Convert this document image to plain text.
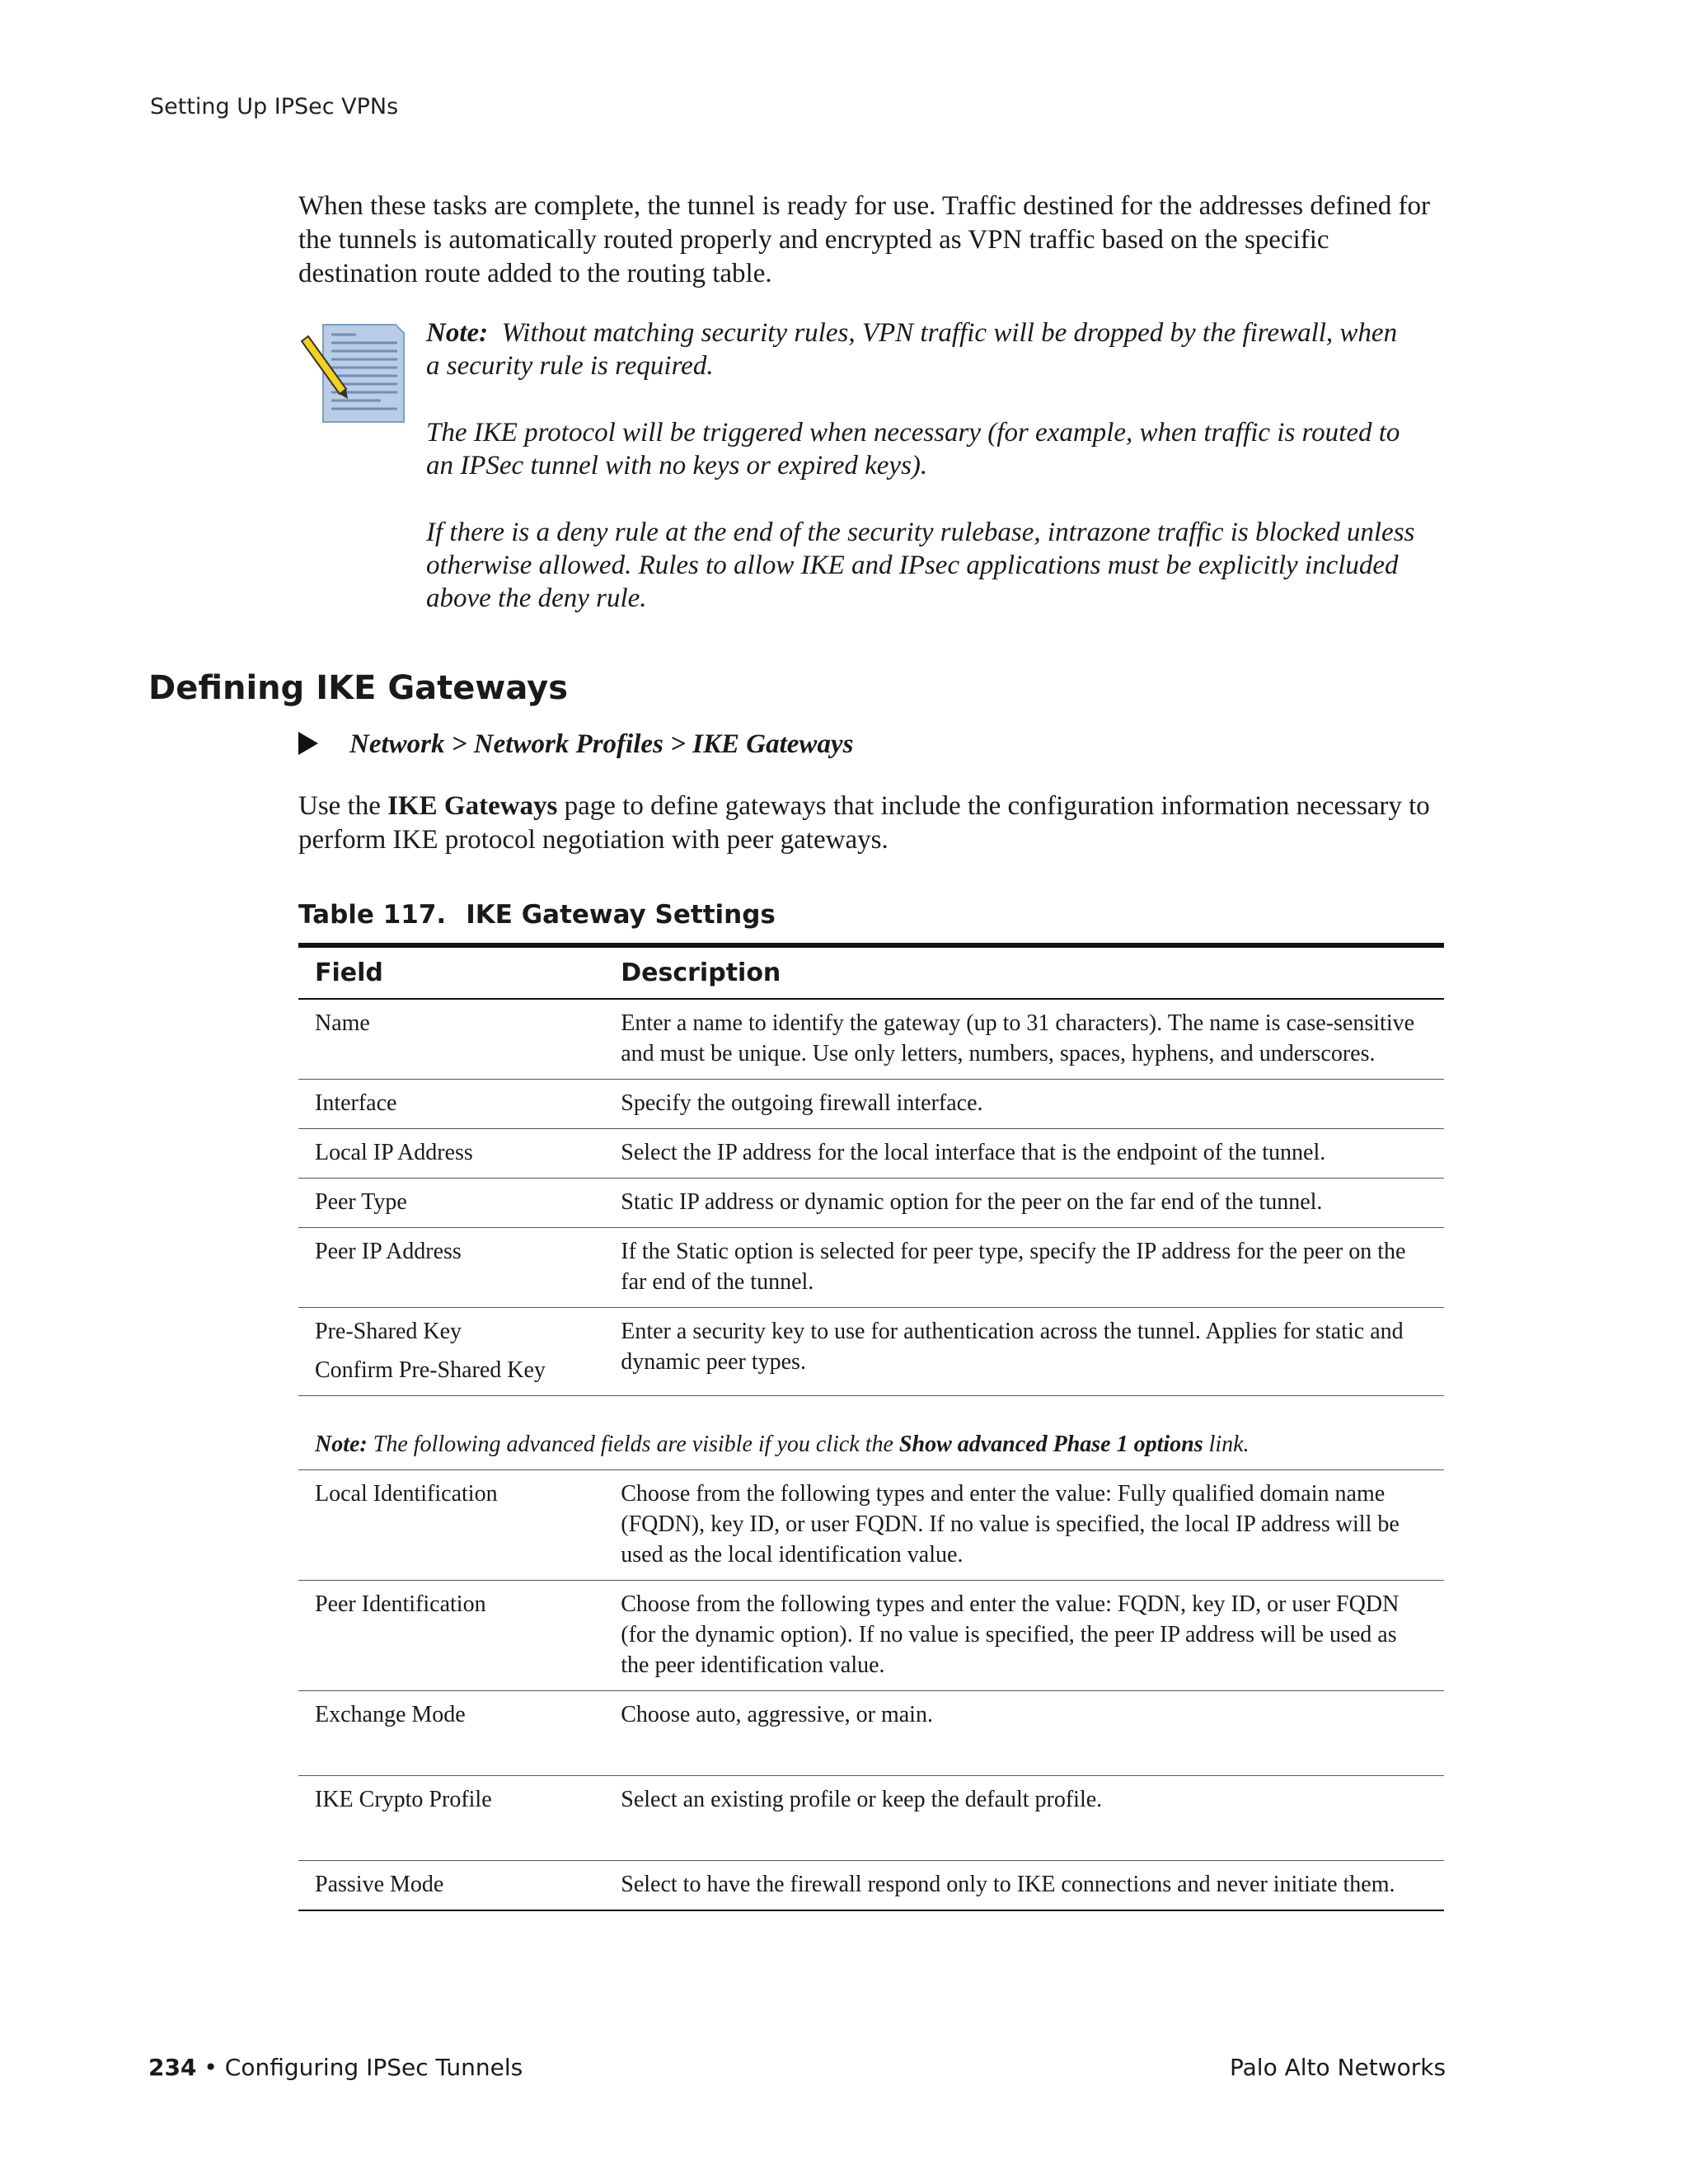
Setting Up IPSec VPNs
When these tasks are complete, the tunnel is ready for use. Traffic destined for the addresses defined for the tunnels is automatically routed properly and encrypted as VPN traffic based on the specific destination route added to the routing table.

Note: Without matching security rules, VPN traffic will be dropped by the firewall, when a security rule is required.

The IKE protocol will be triggered when necessary (for example, when traffic is routed to an IPSec tunnel with no keys or expired keys).

If there is a deny rule at the end of the security rulebase, intrazone traffic is blocked unless otherwise allowed. Rules to allow IKE and IPsec applications must be explicitly included above the deny rule.

Defining IKE Gateways
Network > Network Profiles > IKE Gateways
Use the IKE Gateways page to define gateways that include the configuration information necessary to perform IKE protocol negotiation with peer gateways.
Table 117. IKE Gateway Settings
Field	Description
Name	Enter a name to identify the gateway (up to 31 characters). The name is case-sensitive and must be unique. Use only letters, numbers, spaces, hyphens, and underscores.
Interface	Specify the outgoing firewall interface.
Local IP Address	Select the IP address for the local interface that is the endpoint of the tunnel.
Peer Type	Static IP address or dynamic option for the peer on the far end of the tunnel.
Peer IP Address	If the Static option is selected for peer type, specify the IP address for the peer on the far end of the tunnel.
Pre-Shared Key
Confirm Pre-Shared Key	Enter a security key to use for authentication across the tunnel. Applies for static and dynamic peer types.
Note: The following advanced fields are visible if you click the Show advanced Phase 1 options link.	
Local Identification	Choose from the following types and enter the value: Fully qualified domain name (FQDN), key ID, or user FQDN. If no value is specified, the local IP address will be used as the local identification value.
Peer Identification	Choose from the following types and enter the value: FQDN, key ID, or user FQDN (for the dynamic option). If no value is specified, the peer IP address will be used as the peer identification value.
Exchange Mode	Choose auto, aggressive, or main.
IKE Crypto Profile	Select an existing profile or keep the default profile.
Passive Mode	Select to have the firewall respond only to IKE connections and never initiate them.
234 • Configuring IPSec Tunnels	Palo Alto Networks
